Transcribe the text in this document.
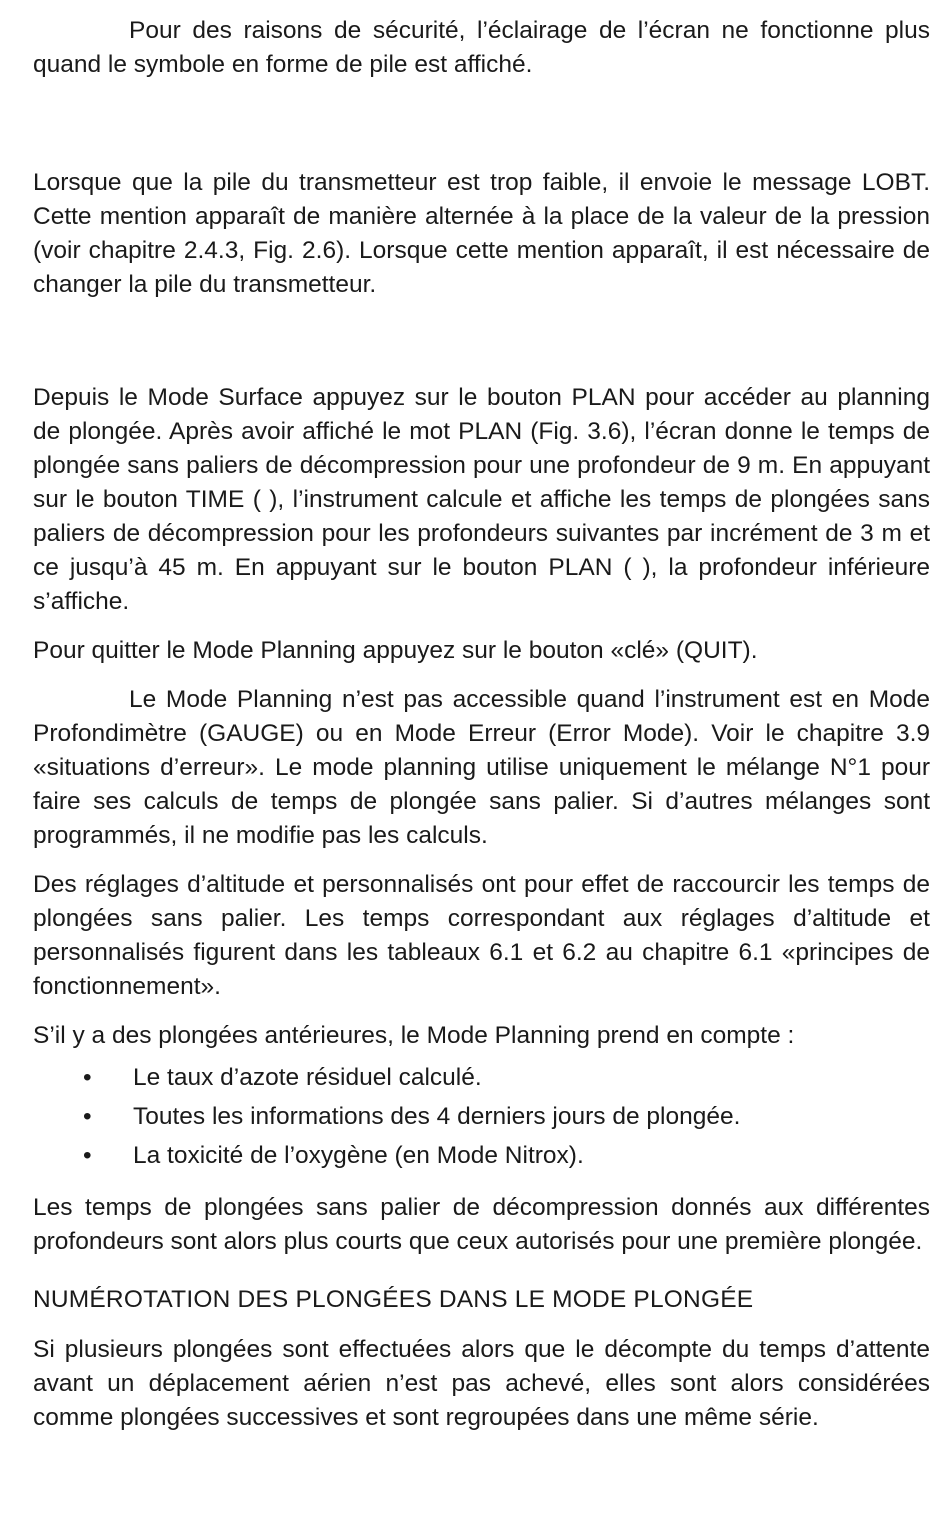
Pour des raisons de sécurité, l’éclairage de l’écran ne fonctionne plus quand le symbole en forme de pile est affiché.

Lorsque que la pile du transmetteur est trop faible, il envoie le message LOBT. Cette mention apparaît de manière alternée à la place de la valeur de la pression (voir chapitre 2.4.3, Fig. 2.6). Lorsque cette mention apparaît, il est nécessaire de changer la pile du transmetteur.

Depuis le Mode Surface appuyez sur le bouton PLAN pour accéder au planning de plongée. Après avoir affiché le mot PLAN (Fig. 3.6), l’écran donne le temps de plongée sans paliers de décompression pour une profondeur de 9 m. En appuyant sur le bouton TIME ( ), l’instrument calcule et affiche les temps de plongées sans paliers de décompression pour les profondeurs suivantes par incrément de 3 m et ce jusqu’à 45 m. En appuyant sur le bouton PLAN ( ), la profondeur inférieure s’affiche.

Pour quitter le Mode Planning appuyez sur le bouton «clé» (QUIT).

Le Mode Planning n’est pas accessible quand l’instrument est en Mode Profondimètre (GAUGE) ou en Mode Erreur (Error Mode). Voir le chapitre 3.9 «situations d’erreur». Le mode planning utilise uniquement le mélange N°1 pour faire ses calculs de temps de plongée sans palier. Si d’autres mélanges sont programmés, il ne modifie pas les calculs.

Des réglages d’altitude et personnalisés ont pour effet de raccourcir les temps de plongées sans palier. Les temps correspondant aux réglages d’altitude et personnalisés figurent dans les tableaux 6.1 et 6.2 au chapitre 6.1 «principes de fonctionnement».

S’il y a des plongées antérieures, le Mode Planning prend en compte :

• Le taux d’azote résiduel calculé.
• Toutes les informations des 4 derniers jours de plongée.
• La toxicité de l’oxygène (en Mode Nitrox).

Les temps de plongées sans palier de décompression donnés aux différentes profondeurs sont alors plus courts que ceux autorisés pour une première plongée.

NUMÉROTATION DES PLONGÉES DANS LE MODE PLONGÉE

Si plusieurs plongées sont effectuées alors que le décompte du temps d’attente avant un déplacement aérien n’est pas achevé, elles sont alors considérées comme plongées successives et sont regroupées dans une même série.
